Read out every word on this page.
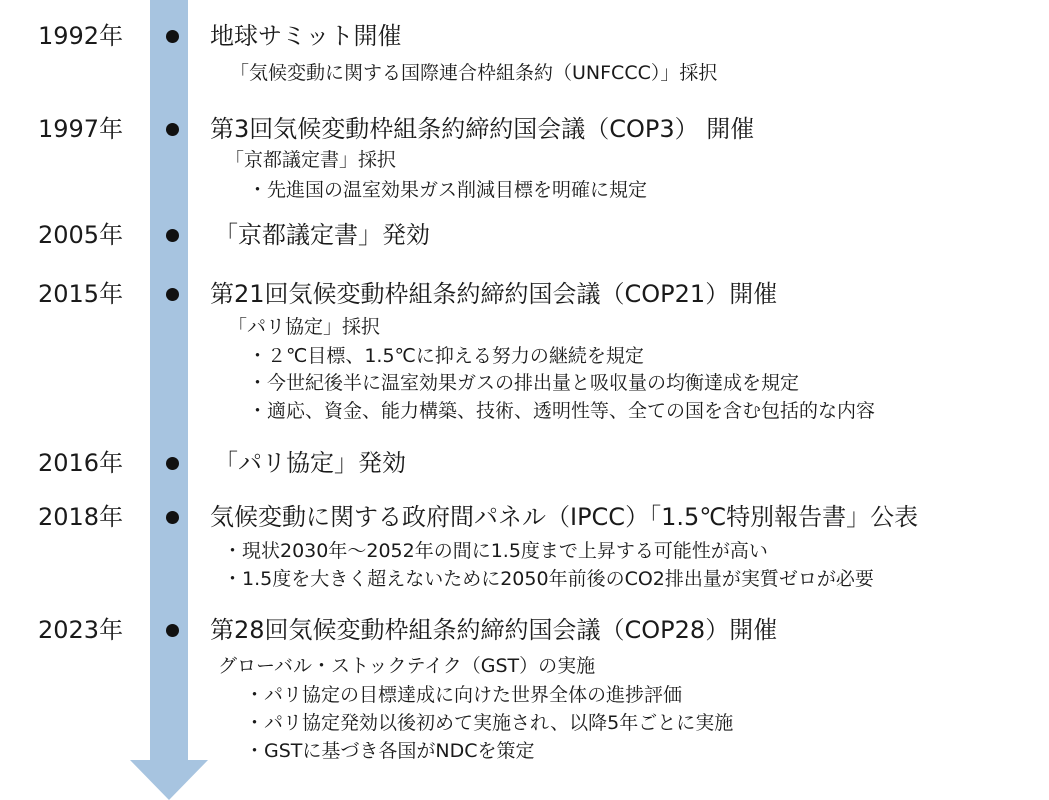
1992年	地球サミット開催
「気候変動に関する国際連合枠組条約（UNFCCC）」採択
1997年	第3回気候変動枠組条約締約国会議（COP3） 開催
「京都議定書」採択
・先進国の温室効果ガス削減目標を明確に規定
2005年	「京都議定書」発効
2015年	第21回気候変動枠組条約締約国会議（COP21）開催
「パリ協定」採択
・２℃目標、1.5℃に抑える努力の継続を規定
・今世紀後半に温室効果ガスの排出量と吸収量の均衡達成を規定
・適応、資金、能力構築、技術、透明性等、全ての国を含む包括的な内容
2016年	「パリ協定」発効
2018年	気候変動に関する政府間パネル（IPCC）「1.5℃特別報告書」公表
・現状2030年～2052年の間に1.5度まで上昇する可能性が高い
・1.5度を大きく超えないために2050年前後のCO2排出量が実質ゼロが必要
2023年	第28回気候変動枠組条約締約国会議（COP28）開催
グローバル・ストックテイク（GST）の実施
・パリ協定の目標達成に向けた世界全体の進捗評価
・パリ協定発効以後初めて実施され、以降5年ごとに実施
・GSTに基づき各国がNDCを策定
